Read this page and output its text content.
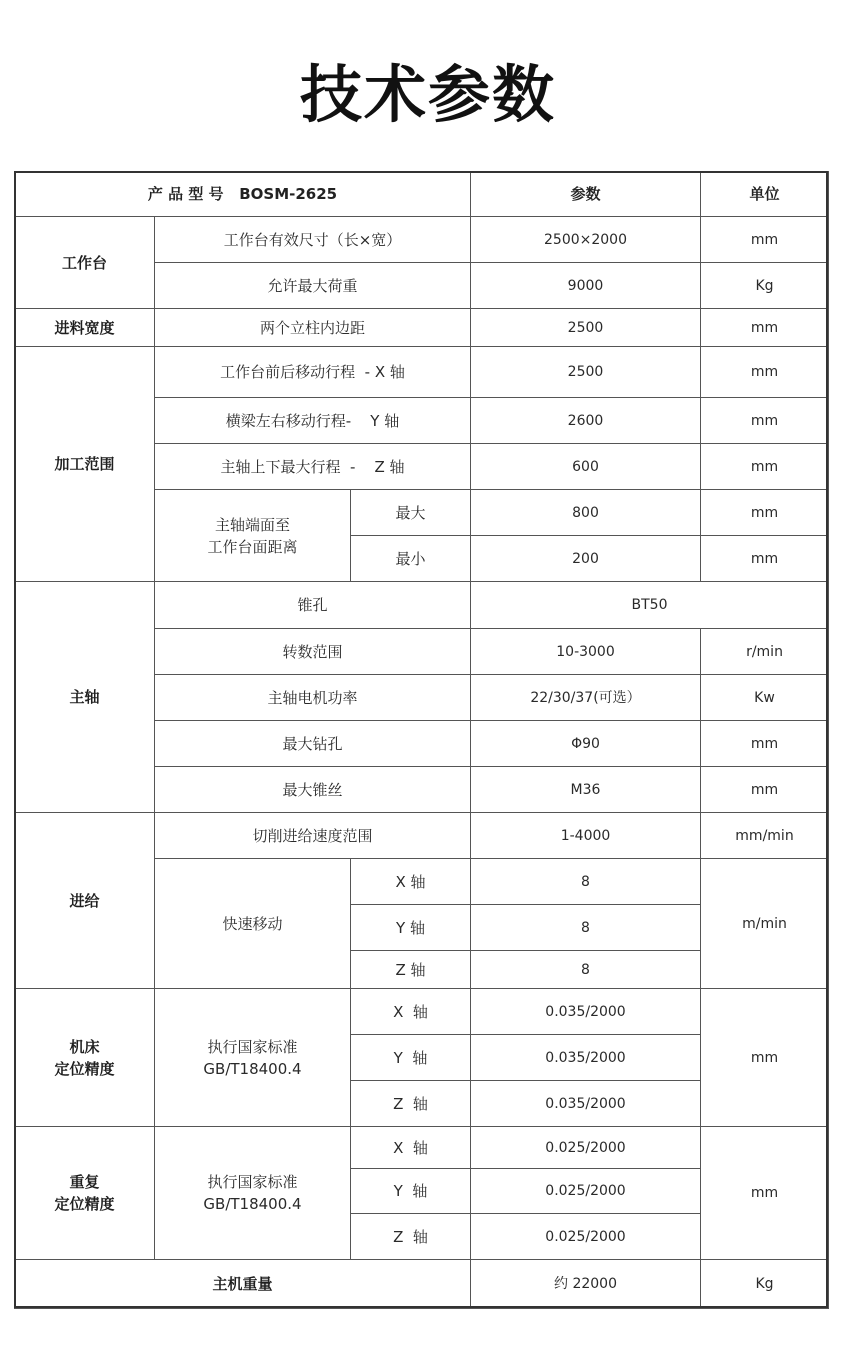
技术参数
产 品 型 号   BOSM-2625			参数	单位
工作台	工作台有效尺寸（长×宽）		2500×2000	mm
	允许最大荷重		9000	Kg
进料宽度	两个立柱内边距		2500	mm
加工范围	工作台前后移动行程  - X 轴		2500	mm
	横梁左右移动行程-    Y 轴		2600	mm
	主轴上下最大行程  -    Z 轴		600	mm

	主轴端面至
工作台面距离	最大	800	mm
		最小	200	mm
主轴	锥孔		BT50	
	转数范围		10-3000	r/min
	主轴电机功率		22/30/37(可选）	Kw
	最大钻孔		Φ90	mm
	最大锥丝		M36	mm
进给	切削进给速度范围		1-4000	mm/min
	快速移动	X 轴	8	m/min
		Y 轴	8	
		Z 轴	8	

机床
定位精度	执行国家标准
GB/T18400.4	X  轴	0.035/2000	mm
		Y  轴	0.035/2000	
		Z  轴	0.035/2000	

重复
定位精度	执行国家标准
GB/T18400.4	X  轴	0.025/2000	mm
		Y  轴	0.025/2000	
		Z  轴	0.025/2000	
主机重量			约 22000	Kg
